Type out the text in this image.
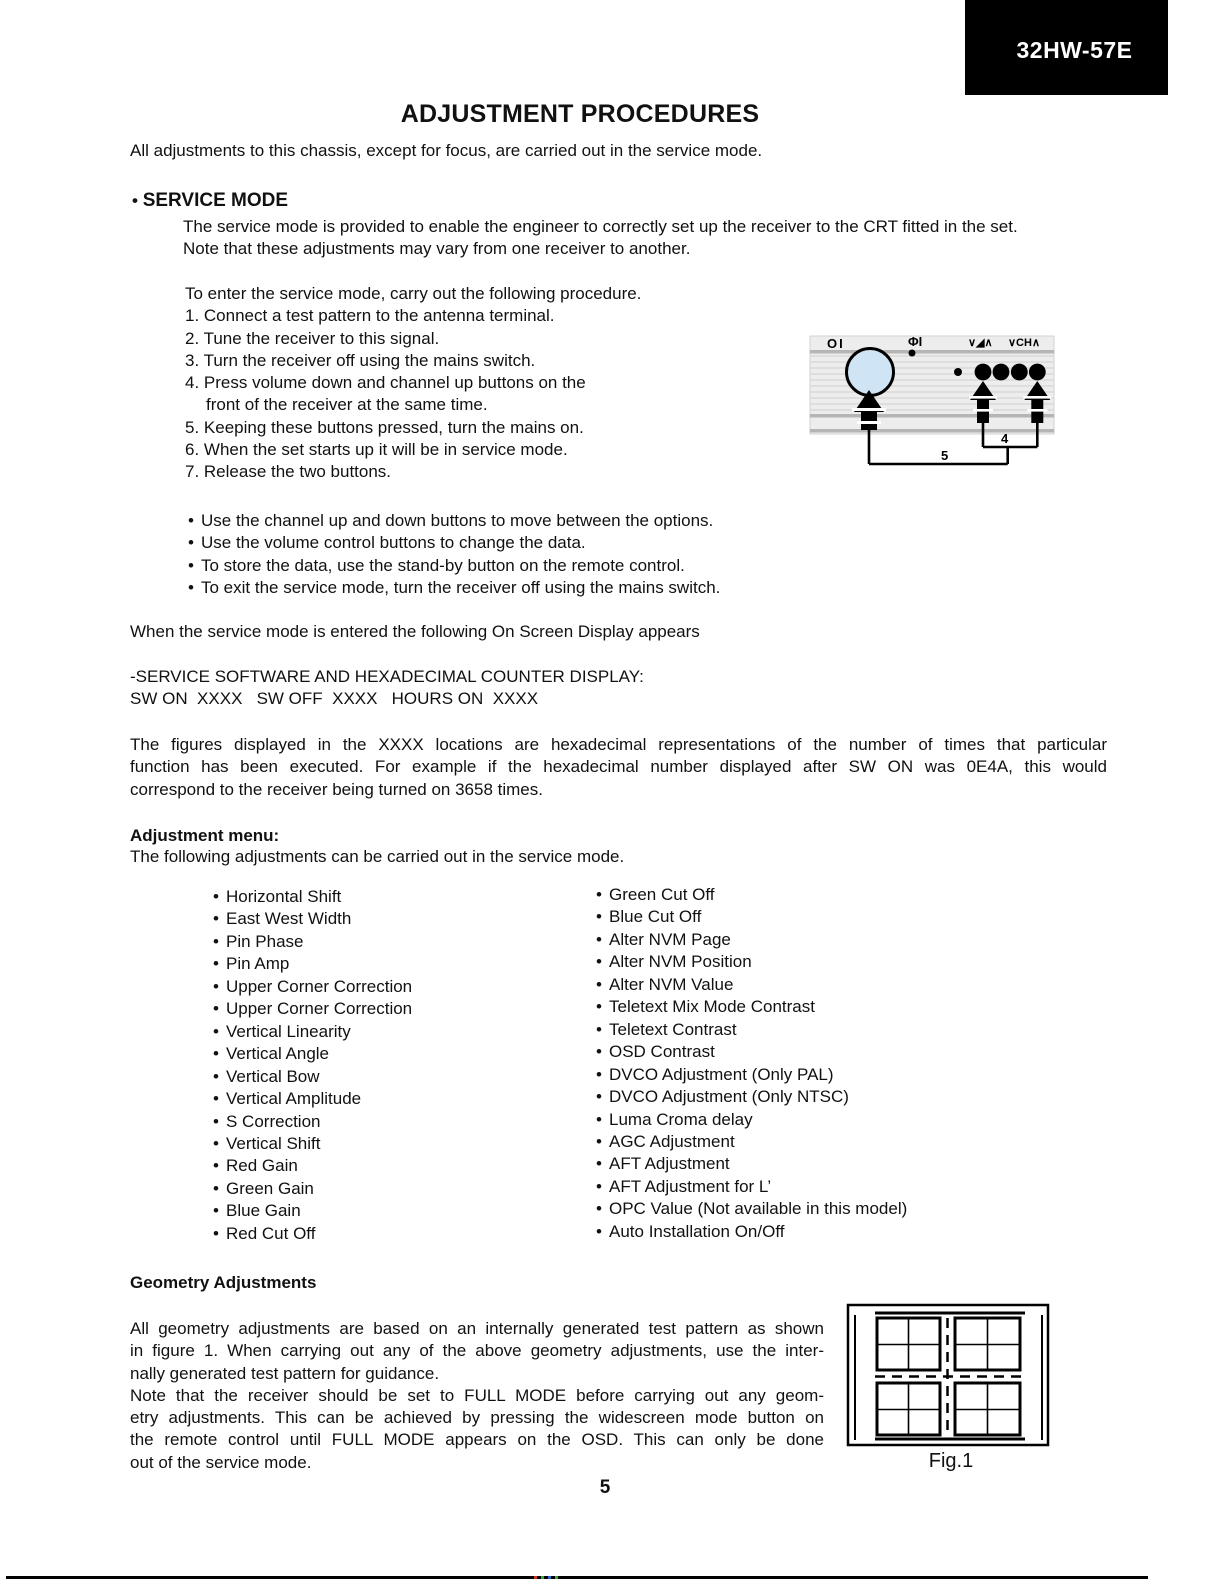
32HW-57E
ADJUSTMENT PROCEDURES
All adjustments to this chassis, except for focus, are carried out in the service mode.
• SERVICE MODE
The service mode is provided to enable the engineer to correctly set up the receiver to the CRT fitted in the set.
Note that these adjustments may vary from one receiver to another.
To enter the service mode, carry out the following procedure.
1. Connect a test pattern to the antenna terminal.
2. Tune the receiver to this signal.
3. Turn the receiver off using the mains switch.
4. Press volume down and channel up buttons on the
front of the receiver at the same time.
5. Keeping these buttons pressed, turn the mains on.
6. When the set starts up it will be in service mode.
7. Release the two buttons.
OI	ΦI	∨◢∧ ∨CH∧
4
5
• Use the channel up and down buttons to move between the options.
• Use the volume control buttons to change the data.
• To store the data, use the stand-by button on the remote control.
• To exit the service mode, turn the receiver off using the mains switch.
When the service mode is entered the following On Screen Display appears
-SERVICE SOFTWARE AND HEXADECIMAL COUNTER DISPLAY:
SW ON  XXXX   SW OFF  XXXX   HOURS ON  XXXX
The figures displayed in the XXXX locations are hexadecimal representations of the number of times that particular
function has been executed. For example if the hexadecimal number displayed after SW ON was 0E4A, this would
correspond to the receiver being turned on 3658 times.
Adjustment menu:
The following adjustments can be carried out in the service mode.
• Horizontal Shift
• East West Width
• Pin Phase
• Pin Amp
• Upper Corner Correction
• Upper Corner Correction
• Vertical Linearity
• Vertical Angle
• Vertical Bow
• Vertical Amplitude
• S Correction
• Vertical Shift
• Red Gain
• Green Gain
• Blue Gain
• Red Cut Off
• Green Cut Off
• Blue Cut Off
• Alter NVM Page
• Alter NVM Position
• Alter NVM Value
• Teletext Mix Mode Contrast
• Teletext Contrast
• OSD Contrast
• DVCO Adjustment (Only PAL)
• DVCO Adjustment (Only NTSC)
• Luma Croma delay
• AGC Adjustment
• AFT Adjustment
• AFT Adjustment for L’
• OPC Value (Not available in this model)
• Auto Installation On/Off
Geometry Adjustments
All geometry adjustments are based on an internally generated test pattern as shown
in figure 1. When carrying out any of the above geometry adjustments, use the inter-
nally generated test pattern for guidance.
Note that the receiver should be set to FULL MODE before carrying out any geom-
etry adjustments. This can be achieved by pressing the widescreen mode button on
the remote control until FULL MODE appears on the OSD. This can only be done
out of the service mode.	Fig.1
5
